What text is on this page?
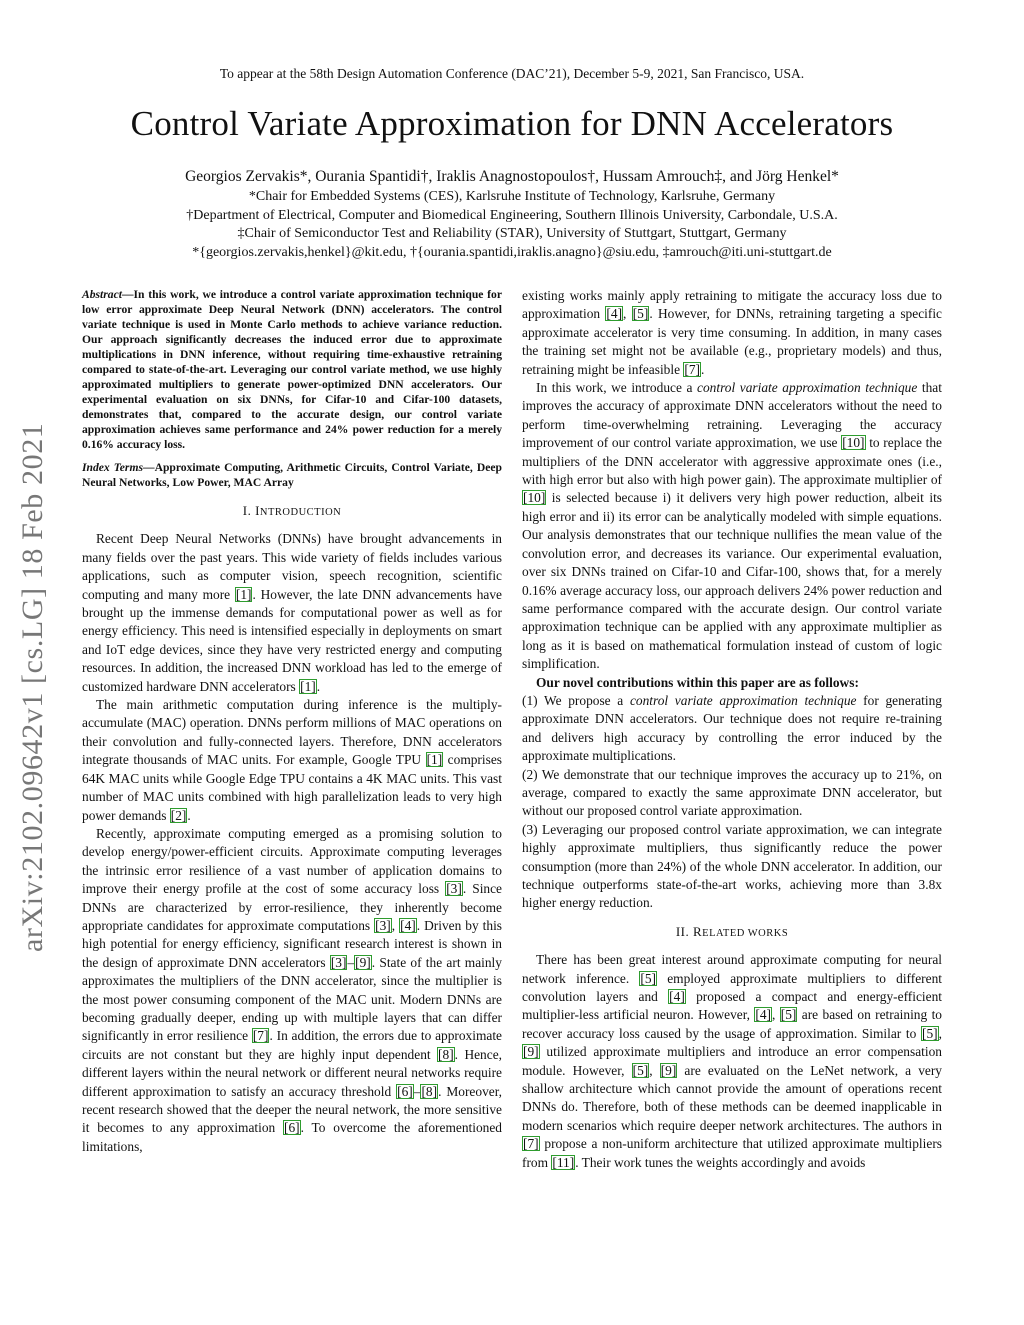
To appear at the 58th Design Automation Conference (DAC’21), December 5-9, 2021, San Francisco, USA.
Control Variate Approximation for DNN Accelerators
Georgios Zervakis*, Ourania Spantidi†, Iraklis Anagnostopoulos†, Hussam Amrouch‡, and Jörg Henkel*
*Chair for Embedded Systems (CES), Karlsruhe Institute of Technology, Karlsruhe, Germany
†Department of Electrical, Computer and Biomedical Engineering, Southern Illinois University, Carbondale, U.S.A.
‡Chair of Semiconductor Test and Reliability (STAR), University of Stuttgart, Stuttgart, Germany
*{georgios.zervakis,henkel}@kit.edu, †{ourania.spantidi,iraklis.anagno}@siu.edu, ‡amrouch@iti.uni-stuttgart.de
arXiv:2102.09642v1 [cs.LG] 18 Feb 2021
Abstract—In this work, we introduce a control variate approximation technique for low error approximate Deep Neural Network (DNN) accelerators. The control variate technique is used in Monte Carlo methods to achieve variance reduction. Our approach significantly decreases the induced error due to approximate multiplications in DNN inference, without requiring time-exhaustive retraining compared to state-of-the-art. Leveraging our control variate method, we use highly approximated multipliers to generate power-optimized DNN accelerators. Our experimental evaluation on six DNNs, for Cifar-10 and Cifar-100 datasets, demonstrates that, compared to the accurate design, our control variate approximation achieves same performance and 24% power reduction for a merely 0.16% accuracy loss.
Index Terms—Approximate Computing, Arithmetic Circuits, Control Variate, Deep Neural Networks, Low Power, MAC Array
I. INTRODUCTION

Recent Deep Neural Networks (DNNs) have brought advancements in many fields over the past years. This wide variety of fields includes various applications, such as computer vision, speech recognition, scientific computing and many more [1]. However, the late DNN advancements have brought up the immense demands for computational power as well as for energy efficiency. This need is intensified especially in deployments on smart and IoT edge devices, since they have very restricted energy and computing resources. In addition, the increased DNN workload has led to the emerge of customized hardware DNN accelerators [1].

The main arithmetic computation during inference is the multiply-accumulate (MAC) operation. DNNs perform millions of MAC operations on their convolution and fully-connected layers. Therefore, DNN accelerators integrate thousands of MAC units. For example, Google TPU [1] comprises 64K MAC units while Google Edge TPU contains a 4K MAC units. This vast number of MAC units combined with high parallelization leads to very high power demands [2].

Recently, approximate computing emerged as a promising solution to develop energy/power-efficient circuits. Approximate computing leverages the intrinsic error resilience of a vast number of application domains to improve their energy profile at the cost of some accuracy loss [3]. Since DNNs are characterized by error-resilience, they inherently become appropriate candidates for approximate computations [3], [4]. Driven by this high potential for energy efficiency, significant research interest is shown in the design of approximate DNN accelerators [3]–[9]. State of the art mainly approximates the multipliers of the DNN accelerator, since the multiplier is the most power consuming component of the MAC unit. Modern DNNs are becoming gradually deeper, ending up with multiple layers that can differ significantly in error resilience [7]. In addition, the errors due to approximate circuits are not constant but they are highly input dependent [8]. Hence, different layers within the neural network or different neural networks require different approximation to satisfy an accuracy threshold [6]–[8]. Moreover, recent research showed that the deeper the neural network, the more sensitive it becomes to any approximation [6]. To overcome the aforementioned limitations,

existing works mainly apply retraining to mitigate the accuracy loss due to approximation [4], [5]. However, for DNNs, retraining targeting a specific approximate accelerator is very time consuming. In addition, in many cases the training set might not be available (e.g., proprietary models) and thus, retraining might be infeasible [7].

In this work, we introduce a control variate approximation technique that improves the accuracy of approximate DNN accelerators without the need to perform time-overwhelming retraining. Leveraging the accuracy improvement of our control variate approximation, we use [10] to replace the multipliers of the DNN accelerator with aggressive approximate ones (i.e., with high error but also with high power gain). The approximate multiplier of [10] is selected because i) it delivers very high power reduction, albeit its high error and ii) its error can be analytically modeled with simple equations. Our analysis demonstrates that our technique nullifies the mean value of the convolution error, and decreases its variance. Our experimental evaluation, over six DNNs trained on Cifar-10 and Cifar-100, shows that, for a merely 0.16% average accuracy loss, our approach delivers 24% power reduction and same performance compared with the accurate design. Our control variate approximation technique can be applied with any approximate multiplier as long as it is based on mathematical formulation instead of custom of logic simplification.

Our novel contributions within this paper are as follows:

(1) We propose a control variate approximation technique for generating approximate DNN accelerators. Our technique does not require re-training and delivers high accuracy by controlling the error induced by the approximate multiplications.

(2) We demonstrate that our technique improves the accuracy up to 21%, on average, compared to exactly the same approximate DNN accelerator, but without our proposed control variate approximation.

(3) Leveraging our proposed control variate approximation, we can integrate highly approximate multipliers, thus significantly reduce the power consumption (more than 24%) of the whole DNN accelerator. In addition, our technique outperforms state-of-the-art works, achieving more than 3.8x higher energy reduction.

II. RELATED WORKS

There has been great interest around approximate computing for neural network inference. [5] employed approximate multipliers to different convolution layers and [4] proposed a compact and energy-efficient multiplier-less artificial neuron. However, [4], [5] are based on retraining to recover accuracy loss caused by the usage of approximation. Similar to [5], [9] utilized approximate multipliers and introduce an error compensation module. However, [5], [9] are evaluated on the LeNet network, a very shallow architecture which cannot provide the amount of operations recent DNNs do. Therefore, both of these methods can be deemed inapplicable in modern scenarios which require deeper network architectures. The authors in [7] propose a non-uniform architecture that utilized approximate multipliers from [11]. Their work tunes the weights accordingly and avoids
